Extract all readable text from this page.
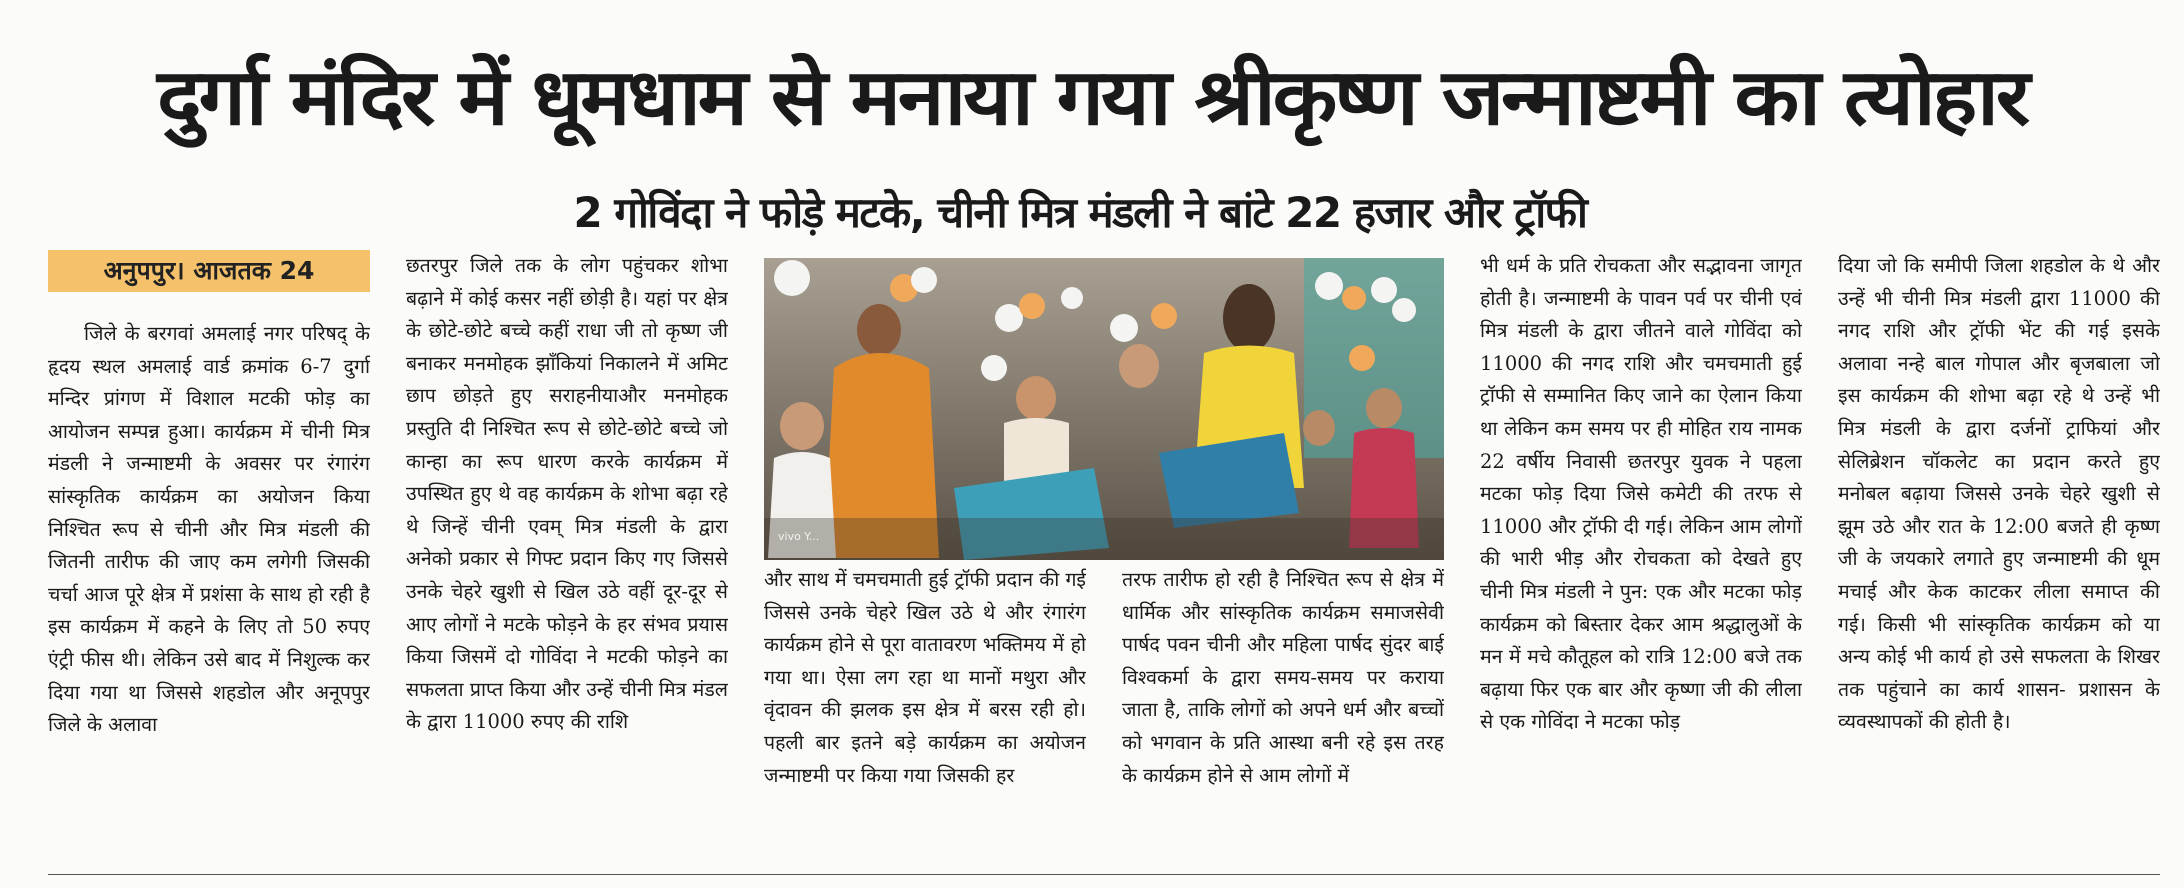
दुर्गा मंदिर में धूमधाम से मनाया गया श्रीकृष्ण जन्माष्टमी का त्योहार
2 गोविंदा ने फोड़े मटके, चीनी मित्र मंडली ने बांटे 22 हजार और ट्रॉफी
अनुपपुर। आजतक 24

जिले के बरगवां अमलाई नगर परिषद् के हृदय स्थल अमलाई वार्ड क्रमांक 6-7 दुर्गा मन्दिर प्रांगण में विशाल मटकी फोड़ का आयोजन सम्पन्न हुआ। कार्यक्रम में चीनी मित्र मंडली ने जन्माष्टमी के अवसर पर रंगारंग सांस्कृतिक कार्यक्रम का अयोजन किया निश्चित रूप से चीनी और मित्र मंडली की जितनी तारीफ की जाए कम लगेगी जिसकी चर्चा आज पूरे क्षेत्र में प्रशंसा के साथ हो रही है इस कार्यक्रम में कहने के लिए तो 50 रुपए एंट्री फीस थी। लेकिन उसे बाद में निशुल्क कर दिया गया था जिससे शहडोल और अनूपपुर जिले के अलावा

छतरपुर जिले तक के लोग पहुंचकर शोभा बढ़ाने में कोई कसर नहीं छोड़ी है। यहां पर क्षेत्र के छोटे-छोटे बच्चे कहीं राधा जी तो कृष्ण जी बनाकर मनमोहक झाँकियां निकालने में अमिट छाप छोड़ते हुए सराहनीयाऔर मनमोहक प्रस्तुति दी निश्चित रूप से छोटे-छोटे बच्चे जो कान्हा का रूप धारण करके कार्यक्रम में उपस्थित हुए थे वह कार्यक्रम के शोभा बढ़ा रहे थे जिन्हें चीनी एवम् मित्र मंडली के द्वारा अनेको प्रकार से गिफ्ट प्रदान किए गए जिससे उनके चेहरे खुशी से खिल उठे वहीं दूर-दूर से आए लोगों ने मटके फोड़ने के हर संभव प्रयास किया जिसमें दो गोविंदा ने मटकी फोड़ने का सफलता प्राप्त किया और उन्हें चीनी मित्र मंडल के द्वारा 11000 रुपए की राशि

vivo Y...

और साथ में चमचमाती हुई ट्रॉफी प्रदान की गई जिससे उनके चेहरे खिल उठे थे और रंगारंग कार्यक्रम होने से पूरा वातावरण भक्तिमय में हो गया था। ऐसा लग रहा था मानों मथुरा और वृंदावन की झलक इस क्षेत्र में बरस रही हो।पहली बार इतने बड़े कार्यक्रम का अयोजन जन्माष्टमी पर किया गया जिसकी हर

तरफ तारीफ हो रही है निश्चित रूप से क्षेत्र में धार्मिक और सांस्कृतिक कार्यक्रम समाजसेवी पार्षद पवन चीनी और महिला पार्षद सुंदर बाई विश्वकर्मा के द्वारा समय-समय पर कराया जाता है, ताकि लोगों को अपने धर्म और बच्चों को भगवान के प्रति आस्था बनी रहे इस तरह के कार्यक्रम होने से आम लोगों में

भी धर्म के प्रति रोचकता और सद्भावना जागृत होती है। जन्माष्टमी के पावन पर्व पर चीनी एवं मित्र मंडली के द्वारा जीतने वाले गोविंदा को 11000 की नगद राशि और चमचमाती हुई ट्रॉफी से सम्मानित किए जाने का ऐलान किया था लेकिन कम समय पर ही मोहित राय नामक 22 वर्षीय निवासी छतरपुर युवक ने पहला मटका फोड़ दिया जिसे कमेटी की तरफ से 11000 और ट्रॉफी दी गई। लेकिन आम लोगों की भारी भीड़ और रोचकता को देखते हुए चीनी मित्र मंडली ने पुन: एक और मटका फोड़ कार्यक्रम को बिस्तार देकर आम श्रद्धालुओं के मन में मचे कौतूहल को रात्रि 12:00 बजे तक बढ़ाया फिर एक बार और कृष्णा जी की लीला से एक गोविंदा ने मटका फोड़

दिया जो कि समीपी जिला शहडोल के थे और उन्हें भी चीनी मित्र मंडली द्वारा 11000 की नगद राशि और ट्रॉफी भेंट की गई इसके अलावा नन्हे बाल गोपाल और बृजबाला जो इस कार्यक्रम की शोभा बढ़ा रहे थे उन्हें भी मित्र मंडली के द्वारा दर्जनों ट्राफियां और सेलिब्रेशन चॉकलेट का प्रदान करते हुए मनोबल बढ़ाया जिससे उनके चेहरे खुशी से झूम उठे और रात के 12:00 बजते ही कृष्ण जी के जयकारे लगाते हुए जन्माष्टमी की धूम मचाई और केक काटकर लीला समाप्त की गई। किसी भी सांस्कृतिक कार्यक्रम को या अन्य कोई भी कार्य हो उसे सफलता के शिखर तक पहुंचाने का कार्य शासन- प्रशासन के व्यवस्थापकों की होती है।
